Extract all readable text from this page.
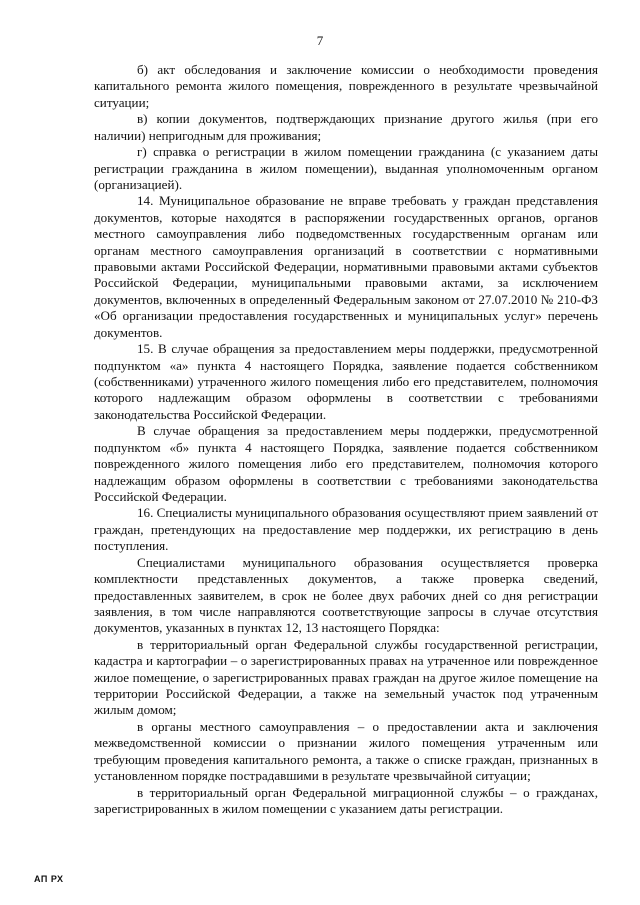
7

б) акт обследования и заключение комиссии о необходимости проведения капитального ремонта жилого помещения, поврежденного в результате чрезвычайной ситуации;

в) копии документов, подтверждающих признание другого жилья (при его наличии) непригодным для проживания;

г) справка о регистрации в жилом помещении гражданина (с указанием даты регистрации гражданина в жилом помещении), выданная уполномоченным органом (организацией).

14. Муниципальное образование не вправе требовать у граждан представления документов, которые находятся в распоряжении государственных органов, органов местного самоуправления либо подведомственных государственным органам или органам местного самоуправления организаций в соответствии с нормативными правовыми актами Российской Федерации, нормативными правовыми актами субъектов Российской Федерации, муниципальными правовыми актами, за исключением документов, включенных в определенный Федеральным законом от 27.07.2010 № 210-ФЗ «Об организации предоставления государственных и муниципальных услуг» перечень документов.

15. В случае обращения за предоставлением меры поддержки, предусмотренной подпунктом «а» пункта 4 настоящего Порядка, заявление подается собственником (собственниками) утраченного жилого помещения либо его представителем, полномочия которого надлежащим образом оформлены в соответствии с требованиями законодательства Российской Федерации.

В случае обращения за предоставлением меры поддержки, предусмотренной подпунктом «б» пункта 4 настоящего Порядка, заявление подается собственником поврежденного жилого помещения либо его представителем, полномочия которого надлежащим образом оформлены в соответствии с требованиями законодательства Российской Федерации.

16. Специалисты муниципального образования осуществляют прием заявлений от граждан, претендующих на предоставление мер поддержки, их регистрацию в день поступления.

Специалистами муниципального образования осуществляется проверка комплектности представленных документов, а также проверка сведений, предоставленных заявителем, в срок не более двух рабочих дней со дня регистрации заявления, в том числе направляются соответствующие запросы в случае отсутствия документов, указанных в пунктах 12, 13 настоящего Порядка:

в территориальный орган Федеральной службы государственной регистрации, кадастра и картографии – о зарегистрированных правах на утраченное или поврежденное жилое помещение, о зарегистрированных правах граждан на другое жилое помещение на территории Российской Федерации, а также на земельный участок под утраченным жилым домом;

в органы местного самоуправления – о предоставлении акта и заключения межведомственной комиссии о признании жилого помещения утраченным или требующим проведения капитального ремонта, а также о списке граждан, признанных в установленном порядке пострадавшими в результате чрезвычайной ситуации;

в территориальный орган Федеральной миграционной службы – о гражданах, зарегистрированных в жилом помещении с указанием даты регистрации.

АП РХ
